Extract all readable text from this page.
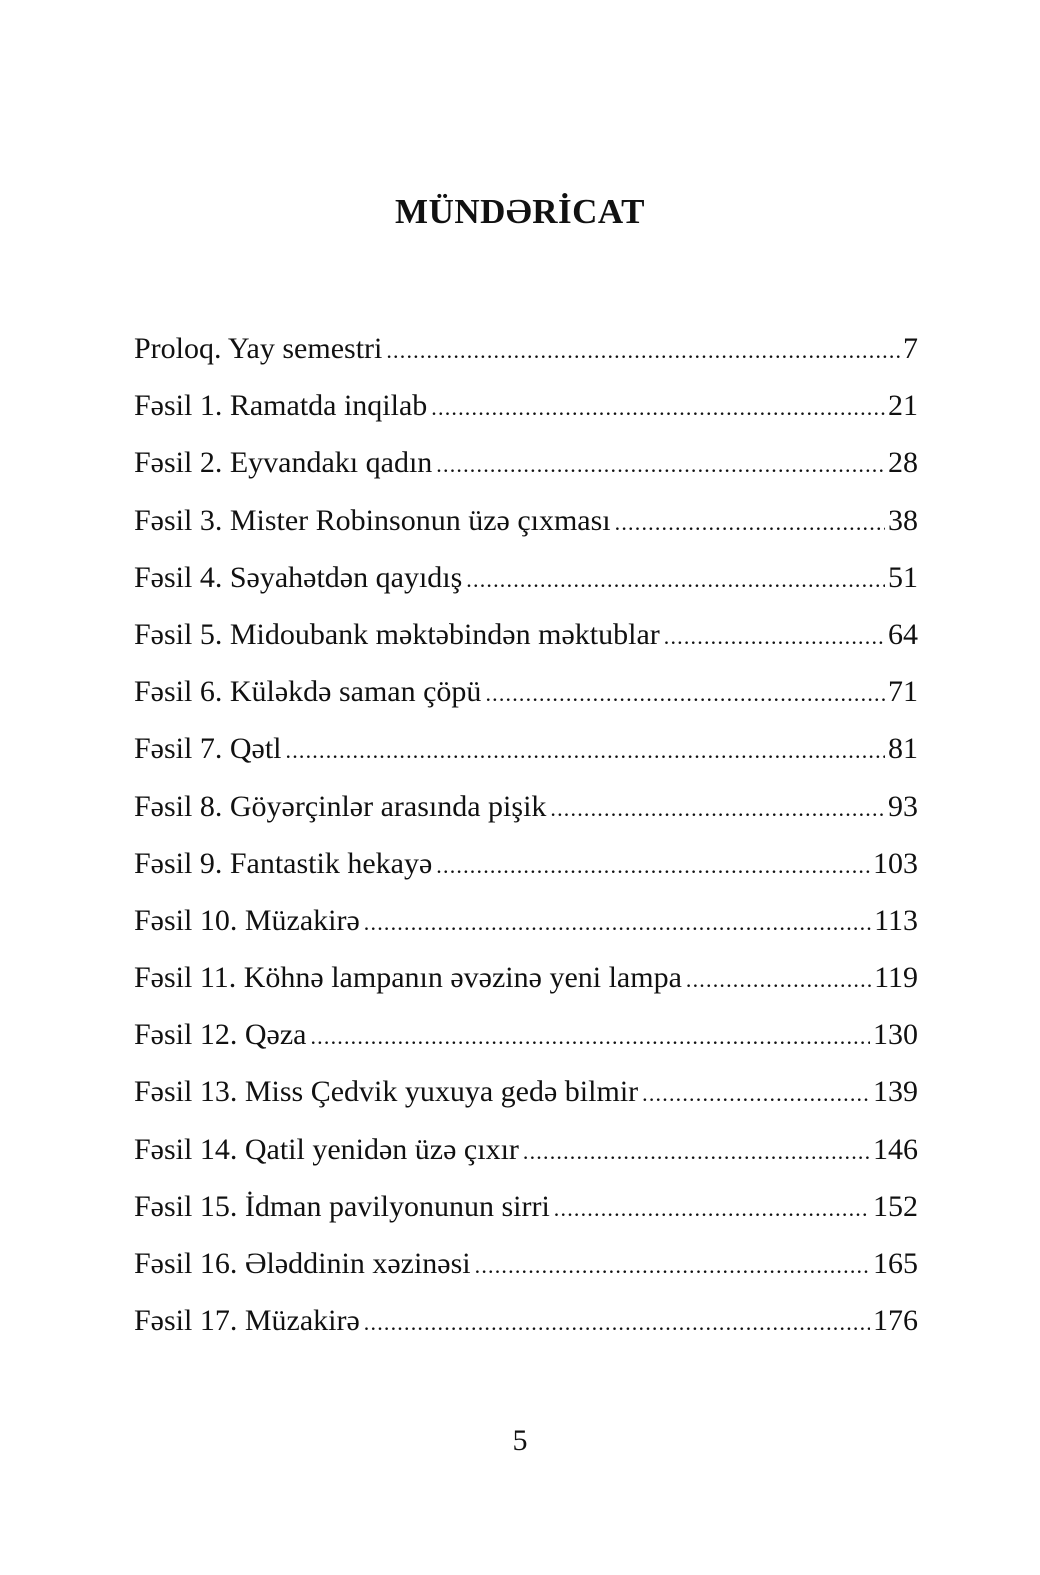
MÜNDƏRİCAT
Proloq. Yay semestri .....	7
Fəsil 1. Ramatda inqilab .....	21
Fəsil 2. Eyvandakı qadın .....	28
Fəsil 3. Mister Robinsonun üzə çıxması .....	38
Fəsil 4. Səyahətdən qayıdış .....	51
Fəsil 5. Midoubank məktəbindən məktublar .....	64
Fəsil 6. Küləkdə saman çöpü .....	71
Fəsil 7. Qətl .....	81
Fəsil 8. Göyərçinlər arasında pişik .....	93
Fəsil 9. Fantastik hekayə .....	103
Fəsil 10. Müzakirə .....	113
Fəsil 11. Köhnə lampanın əvəzinə yeni lampa .....	119
Fəsil 12. Qəza .....	130
Fəsil 13. Miss Çedvik yuxuya gedə bilmir .....	139
Fəsil 14. Qatil yenidən üzə çıxır .....	146
Fəsil 15. İdman pavilyonunun sirri .....	152
Fəsil 16. Ələddinin xəzinəsi .....	165
Fəsil 17. Müzakirə .....	176
5
